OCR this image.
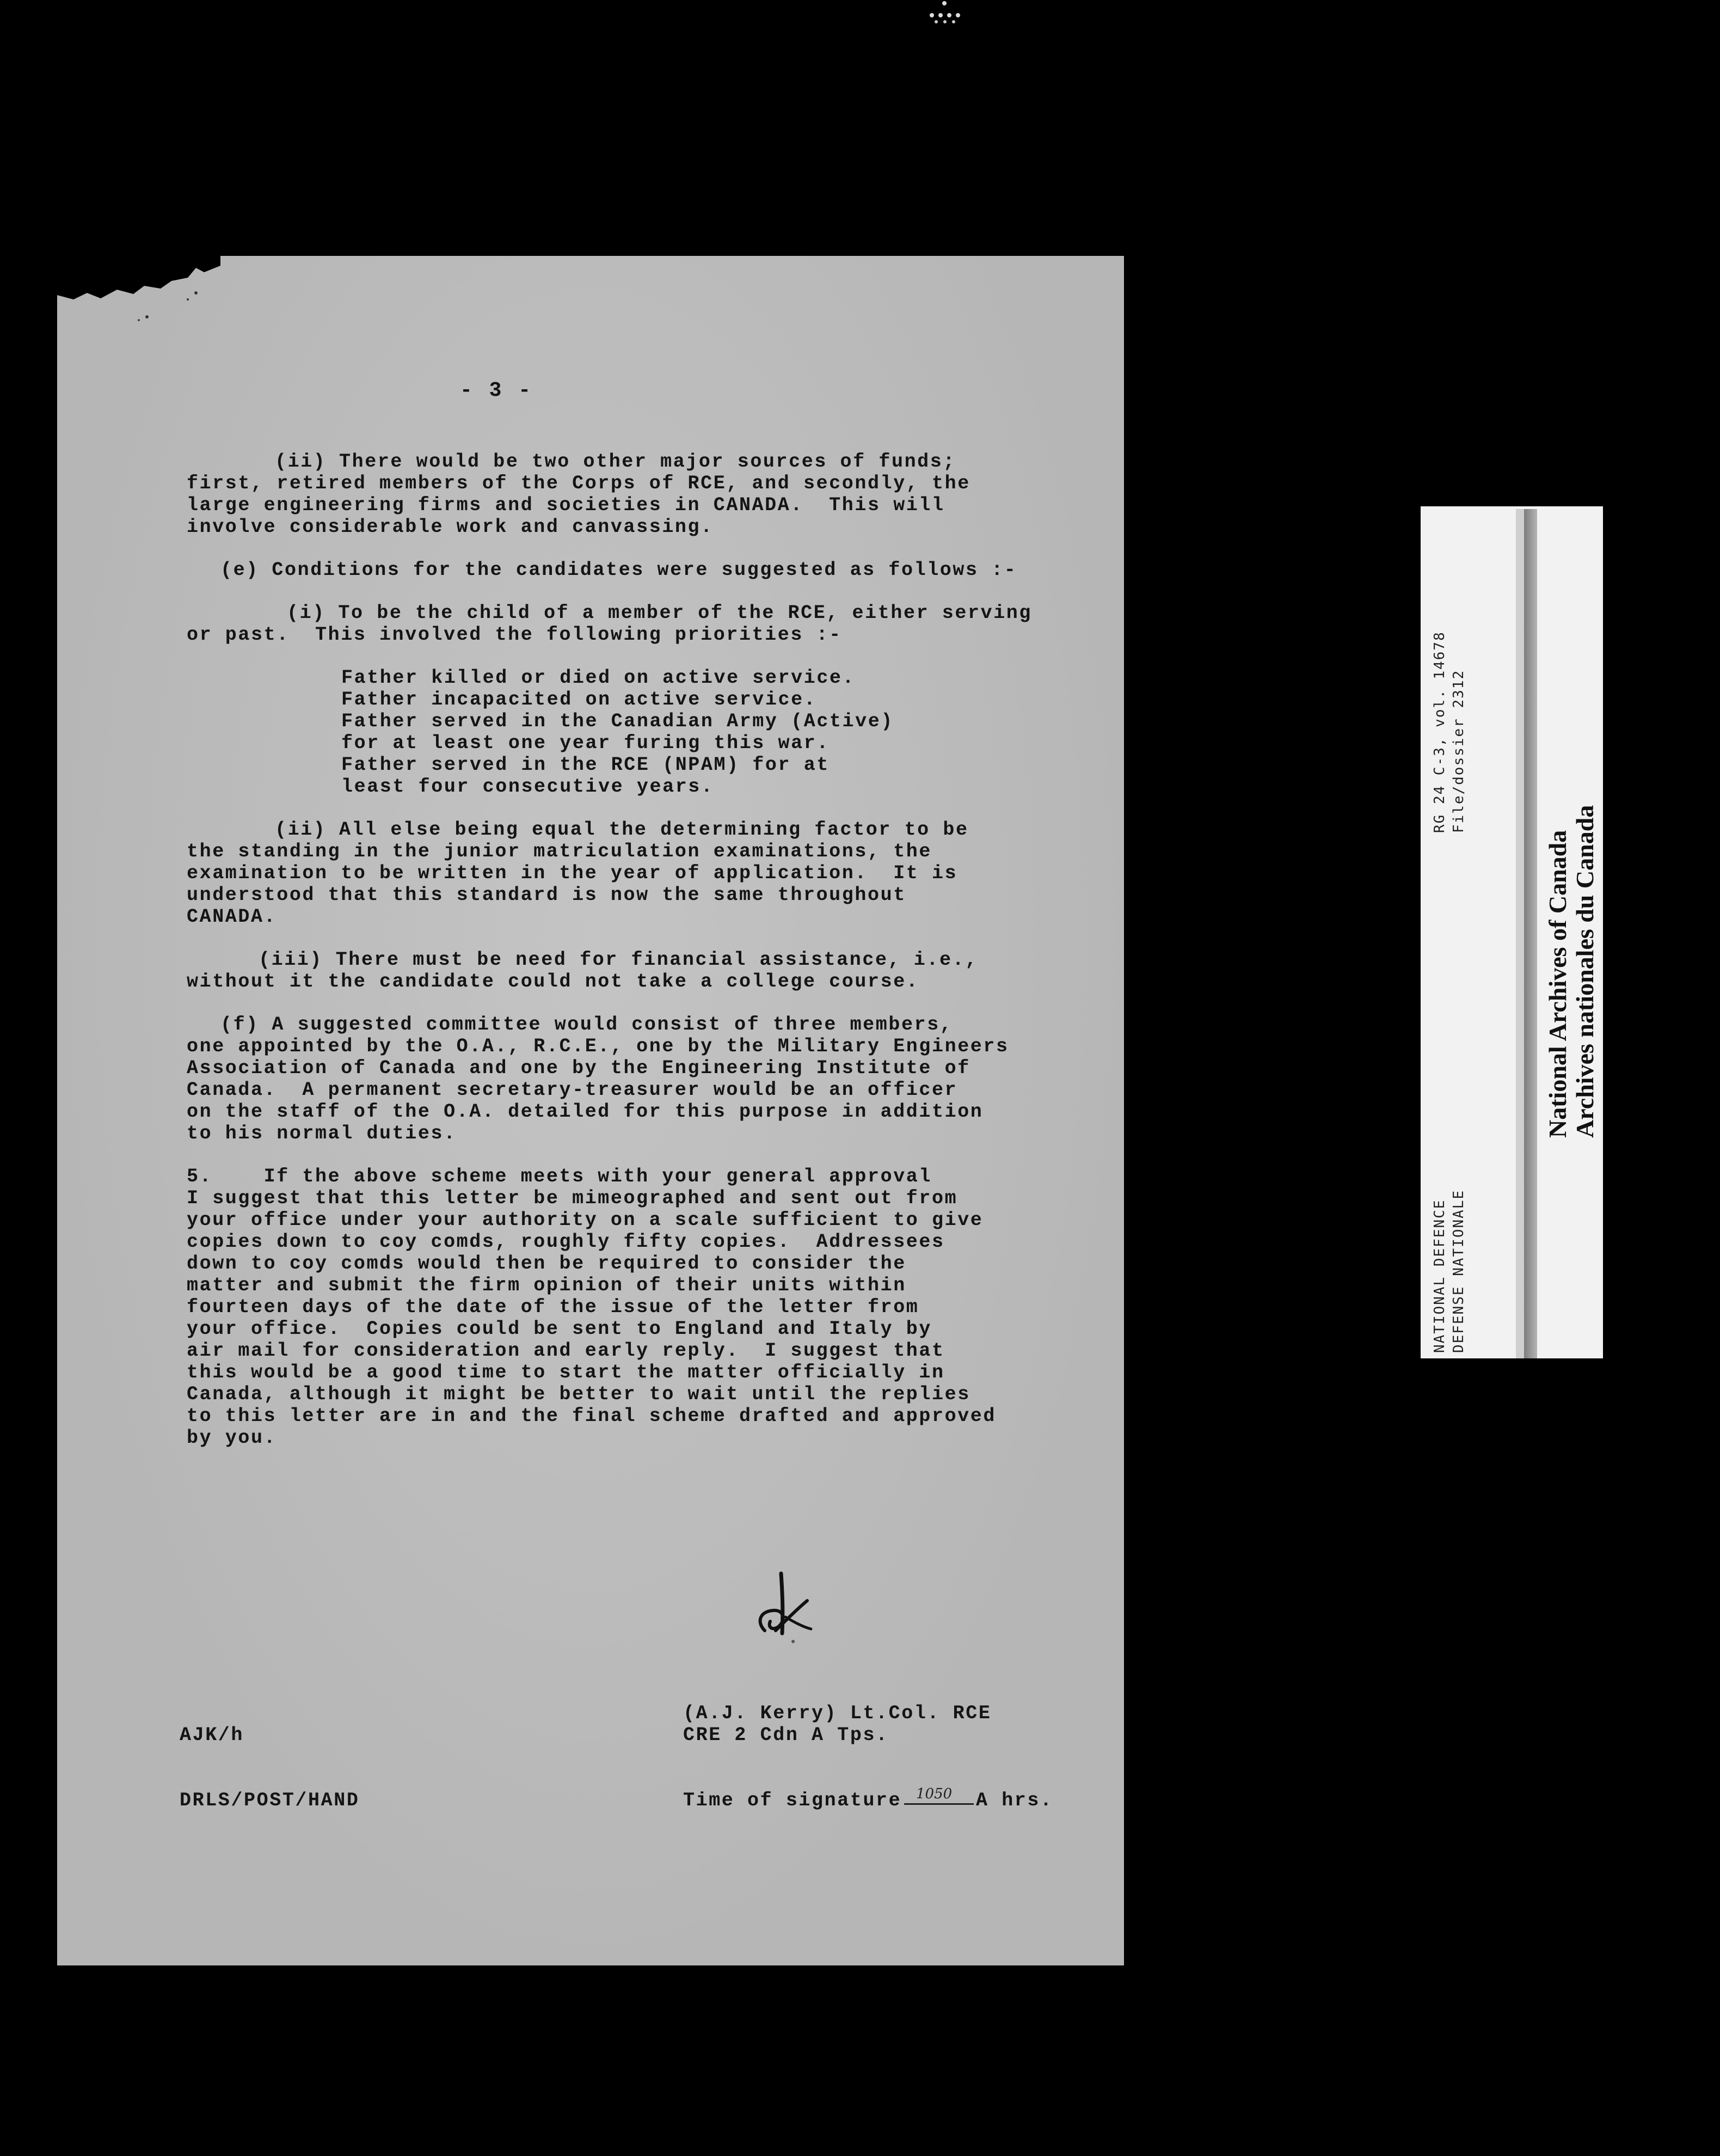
- 3 -
(ii) There would be two other major sources of funds;
first, retired members of the Corps of RCE, and secondly, the
large engineering firms and societies in CANADA.  This will
involve considerable work and canvassing.
(e) Conditions for the candidates were suggested as follows :-
(i) To be the child of a member of the RCE, either serving
or past.  This involved the following priorities :-
Father killed or died on active service.
Father incapacited on active service.
Father served in the Canadian Army (Active)
for at least one year furing this war.
Father served in the RCE (NPAM) for at
least four consecutive years.
(ii) All else being equal the determining factor to be
the standing in the junior matriculation examinations, the
examination to be written in the year of application.  It is
understood that this standard is now the same throughout
CANADA.
(iii) There must be need for financial assistance, i.e.,
without it the candidate could not take a college course.
(f) A suggested committee would consist of three members,
one appointed by the O.A., R.C.E., one by the Military Engineers
Association of Canada and one by the Engineering Institute of
Canada.  A permanent secretary-treasurer would be an officer
on the staff of the O.A. detailed for this purpose in addition
to his normal duties.
5.    If the above scheme meets with your general approval
I suggest that this letter be mimeographed and sent out from
your office under your authority on a scale sufficient to give
copies down to coy comds, roughly fifty copies.  Addressees
down to coy comds would then be required to consider the
matter and submit the firm opinion of their units within
fourteen days of the date of the issue of the letter from
your office.  Copies could be sent to England and Italy by
air mail for consideration and early reply.  I suggest that
this would be a good time to start the matter officially in
Canada, although it might be better to wait until the replies
to this letter are in and the final scheme drafted and approved
by you.
(A.J. Kerry) Lt.Col. RCE
CRE 2 Cdn A Tps.
AJK/h
DRLS/POST/HAND	Time of signature 1050 A hrs.
RG 24 C-3, vol. 14678 File/dossier 2312
NATIONAL DEFENCE DEFENSE NATIONALE
National Archives of Canada Archives nationales du Canada
